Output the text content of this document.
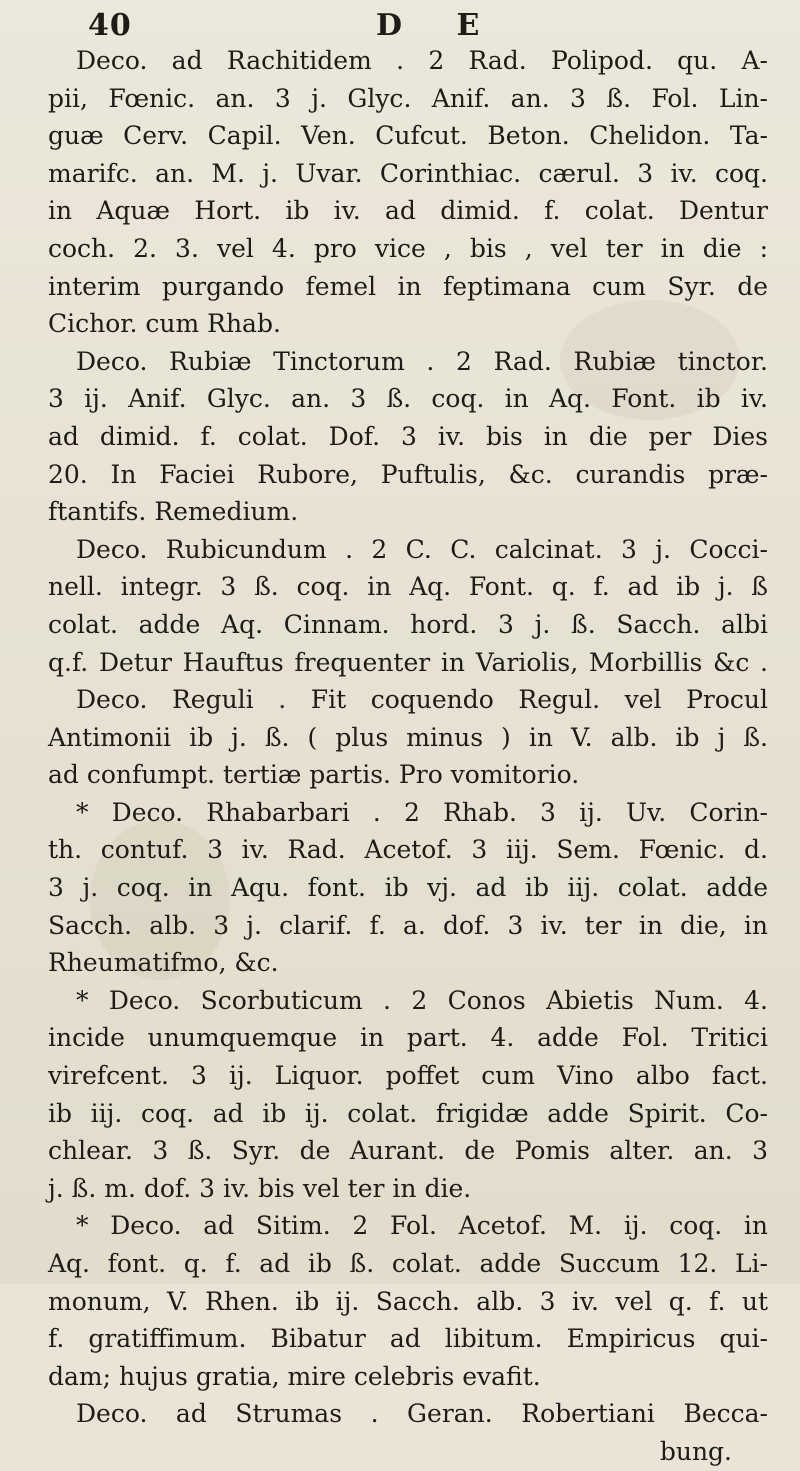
40	D E
Deco. ad Rachitidem . 2 Rad. Polipod. qu. A-
pii, Fœnic. an. 3 j. Glyc. Anif. an. 3 ß. Fol. Lin-
guæ Cerv. Capil. Ven. Cufcut. Beton. Chelidon. Ta-
marifc. an. M. j. Uvar. Corinthiac. cærul. 3 iv. coq.
in Aquæ Hort. ib iv. ad dimid. f. colat. Dentur
coch. 2. 3. vel 4. pro vice , bis , vel ter in die :
interim purgando femel in feptimana cum Syr. de
Cichor. cum Rhab.
Deco. Rubiæ Tinctorum . 2 Rad. Rubiæ tinctor.
3 ij. Anif. Glyc. an. 3 ß. coq. in Aq. Font. ib iv.
ad dimid. f. colat. Dof. 3 iv. bis in die per Dies
20. In Faciei Rubore, Puftulis, &c. curandis præ-
ftantifs. Remedium.
Deco. Rubicundum . 2 C. C. calcinat. 3 j. Cocci-
nell. integr. 3 ß. coq. in Aq. Font. q. f. ad ib j. ß
colat. adde Aq. Cinnam. hord. 3 j. ß. Sacch. albi
q.f. Detur Hauftus frequenter in Variolis, Morbillis &c .
Deco. Reguli . Fit coquendo Regul. vel Procul
Antimonii ib j. ß. ( plus minus ) in V. alb. ib j ß.
ad confumpt. tertiæ partis. Pro vomitorio.
* Deco. Rhabarbari . 2 Rhab. 3 ij. Uv. Corin-
th. contuf. 3 iv. Rad. Acetof. 3 iij. Sem. Fœnic. d.
3 j. coq. in Aqu. font. ib vj. ad ib iij. colat. adde
Sacch. alb. 3 j. clarif. f. a. dof. 3 iv. ter in die, in
Rheumatifmo, &c.
* Deco. Scorbuticum . 2 Conos Abietis Num. 4.
incide unumquemque in part. 4. adde Fol. Tritici
virefcent. 3 ij. Liquor. poffet cum Vino albo fact.
ib iij. coq. ad ib ij. colat. frigidæ adde Spirit. Co-
chlear. 3 ß. Syr. de Aurant. de Pomis alter. an. 3
j. ß. m. dof. 3 iv. bis vel ter in die.
* Deco. ad Sitim. 2 Fol. Acetof. M. ij. coq. in
Aq. font. q. f. ad ib ß. colat. adde Succum 12. Li-
monum, V. Rhen. ib ij. Sacch. alb. 3 iv. vel q. f. ut
f. gratiffimum. Bibatur ad libitum. Empiricus qui-
dam; hujus gratia, mire celebris evafit.
Deco. ad Strumas . Geran. Robertiani Becca-
bung.
